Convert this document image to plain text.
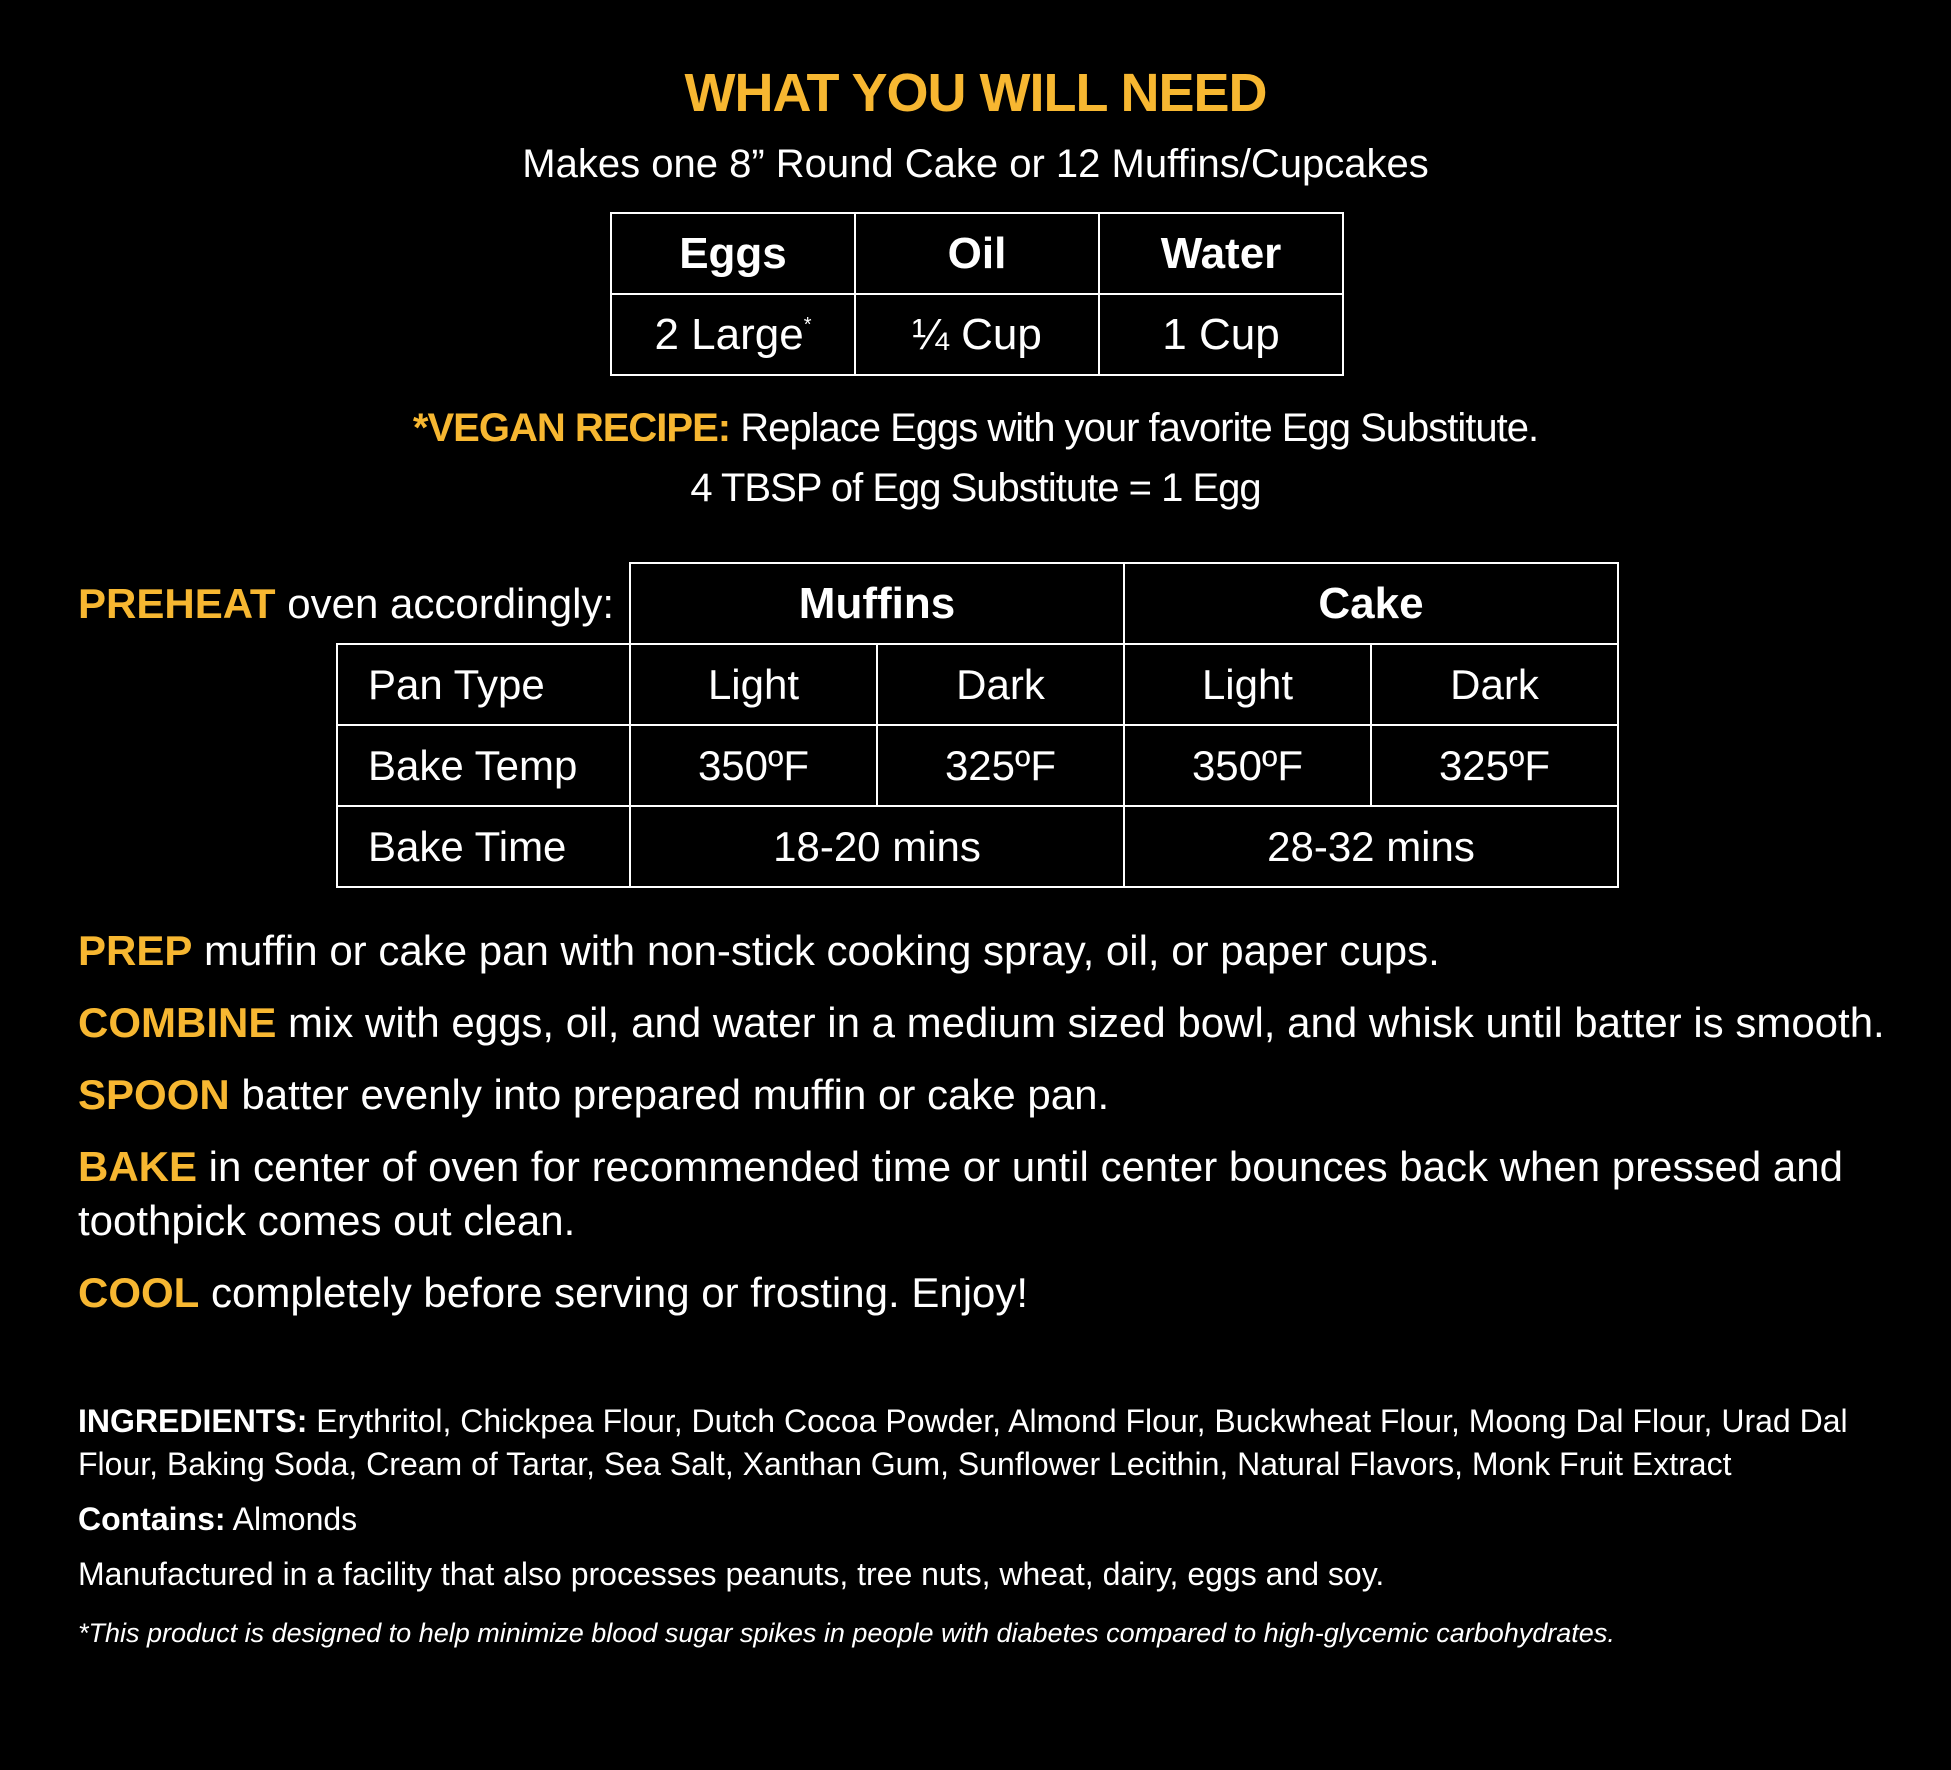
WHAT YOU WILL NEED
Makes one 8” Round Cake or 12 Muffins/Cupcakes
Eggs	Oil	Water
2 Large*	¼ Cup	1 Cup
*VEGAN RECIPE: Replace Eggs with your favorite Egg Substitute.
4 TBSP of Egg Substitute = 1 Egg
PREHEAT oven accordingly:
		Muffins		Cake	
Pan Type	Light	Dark	Light	Dark
Bake Temp	350ºF	325ºF	350ºF	325ºF
Bake Time	18-20 mins		28-32 mins	

PREP muffin or cake pan with non-stick cooking spray, oil, or paper cups.

COMBINE mix with eggs, oil, and water in a medium sized bowl, and whisk until batter is smooth.

SPOON batter evenly into prepared muffin or cake pan.

BAKE in center of oven for recommended time or until center bounces back when pressed and toothpick comes out clean.

COOL completely before serving or frosting. Enjoy!

INGREDIENTS: Erythritol, Chickpea Flour, Dutch Cocoa Powder, Almond Flour, Buckwheat Flour, Moong Dal Flour, Urad Dal Flour, Baking Soda, Cream of Tartar, Sea Salt, Xanthan Gum, Sunflower Lecithin, Natural Flavors, Monk Fruit Extract

Contains: Almonds

Manufactured in a facility that also processes peanuts, tree nuts, wheat, dairy, eggs and soy.

*This product is designed to help minimize blood sugar spikes in people with diabetes compared to high-glycemic carbohydrates.
